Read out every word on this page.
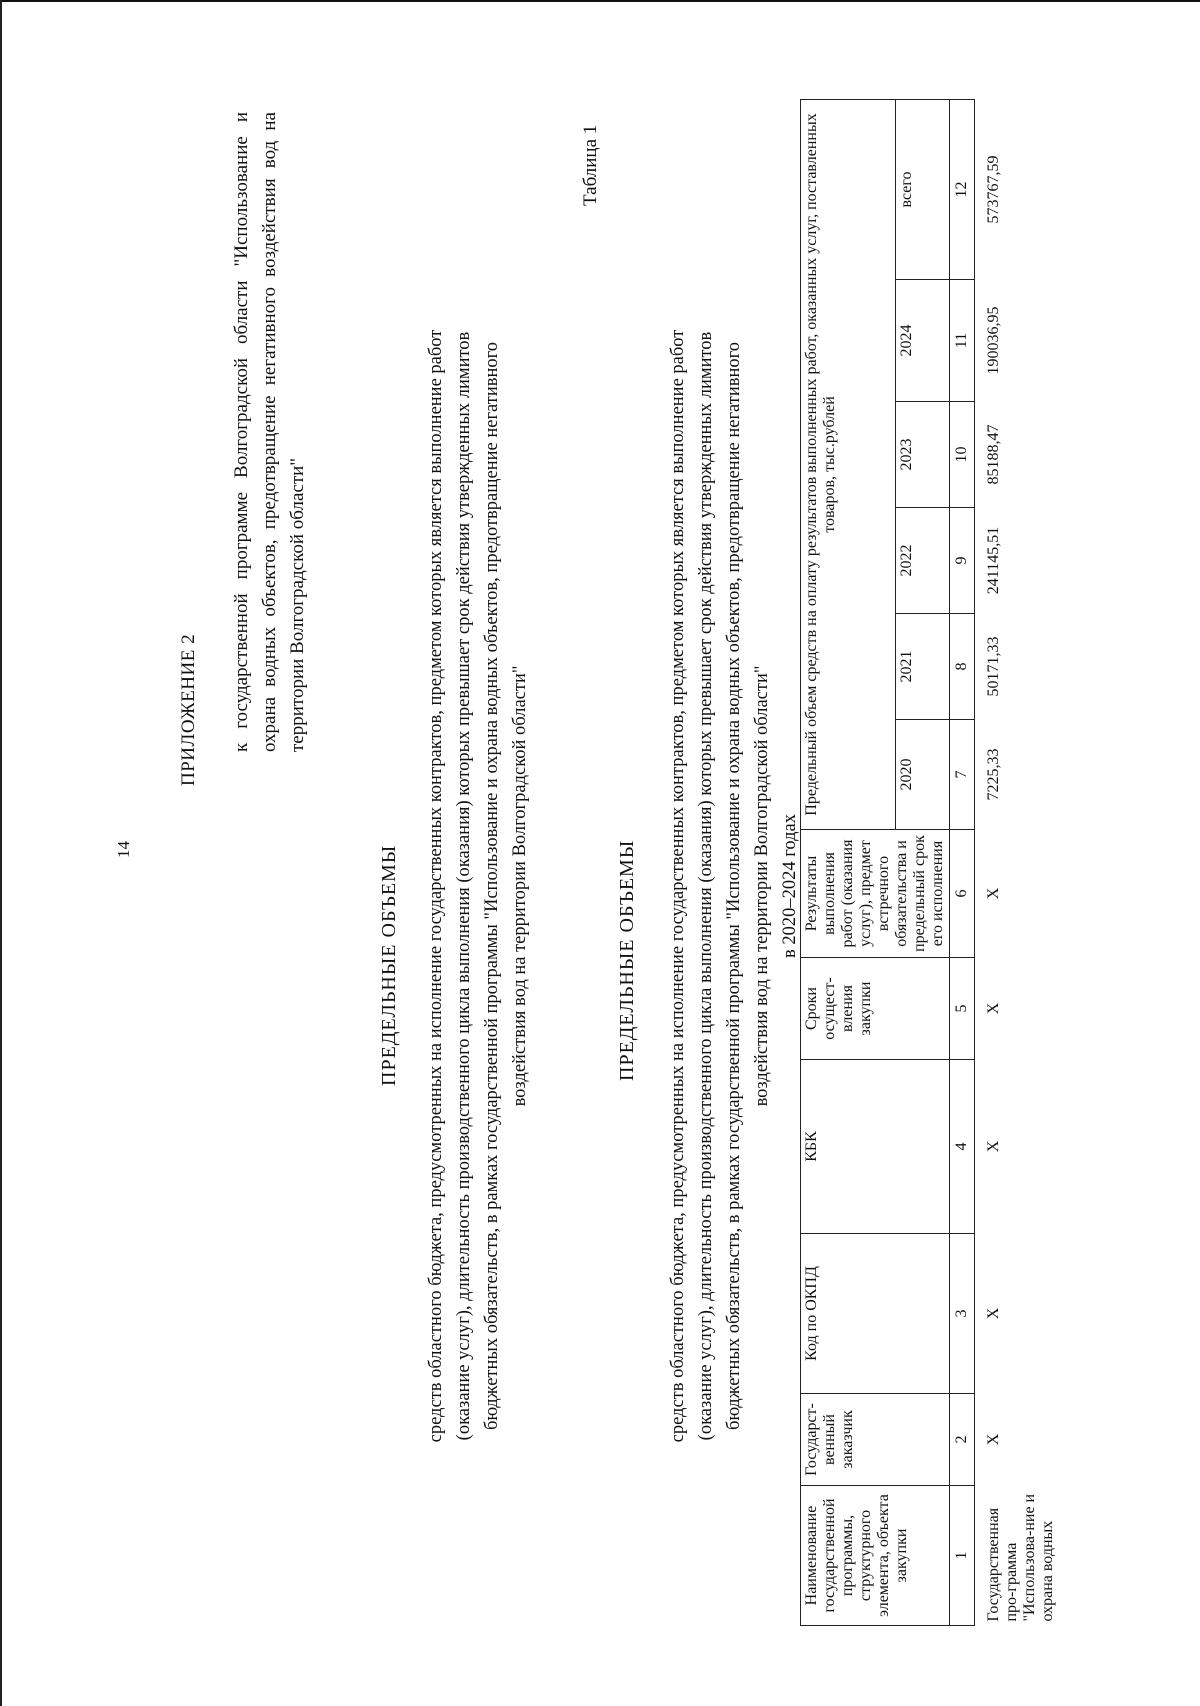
14
ПРИЛОЖЕНИЕ 2 к государственной программе Волгоградской области "Использование и охрана водных объектов, предотвращение негативного воздействия вод на территории Волгоградской области"
ПРЕДЕЛЬНЫЕ ОБЪЕМЫ средств областного бюджета, предусмотренных на исполнение государственных контрактов, предметом которых является выполнение работ (оказание услуг), длительность производственного цикла выполнения (оказания) которых превышает срок действия утвержденных лимитов бюджетных обязательств, в рамках государственной программы "Использование и охрана водных объектов, предотвращение негативного воздействия вод на территории Волгоградской области"
Таблица 1
ПРЕДЕЛЬНЫЕ ОБЪЕМЫ средств областного бюджета, предусмотренных на исполнение государственных контрактов, предметом которых является выполнение работ (оказание услуг), длительность производственного цикла выполнения (оказания) которых превышает срок действия утвержденных лимитов бюджетных обязательств, в рамках государственной программы "Использование и охрана водных объектов, предотвращение негативного воздействия вод на территории Волгоградской области" в 2020–2024 годах
Наименование государственной программы, структурного элемента, объекта закупки	Государст-венный заказчик	Код по ОКПД	КБК	Сроки осущест-вления закупки	Результаты выполнения работ (оказания услуг), предмет встречного обязательства и предельный срок его исполнения	Предельный объем средств на оплату результатов выполненных работ, оказанных услуг, поставленных товаров, тыс.рублей					
						2020	2021	2022	2023	2024	всего
1	2	3	4	5	6	7	8	9	10	11	12
Государственная про-грамма "Использова-ние и охрана водных	X	X	X	X	X	7225,33	50171,33	241145,51	85188,47	190036,95	573767,59
